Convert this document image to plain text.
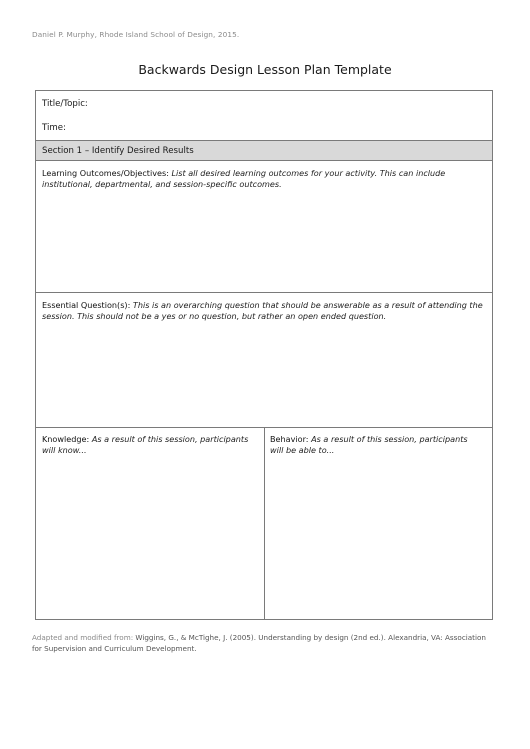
Daniel P. Murphy, Rhode Island School of Design, 2015.
Backwards Design Lesson Plan Template
Title/Topic:
Time:
Section 1 – Identify Desired Results
Learning Outcomes/Objectives: List all desired learning outcomes for your activity. This can include institutional, departmental, and session-specific outcomes.
Essential Question(s): This is an overarching question that should be answerable as a result of attending the session. This should not be a yes or no question, but rather an open ended question.
Knowledge: As a result of this session, participants will know...
Behavior: As a result of this session, participants will be able to...
Adapted and modified from: Wiggins, G., & McTighe, J. (2005). Understanding by design (2nd ed.). Alexandria, VA: Association for Supervision and Curriculum Development.
